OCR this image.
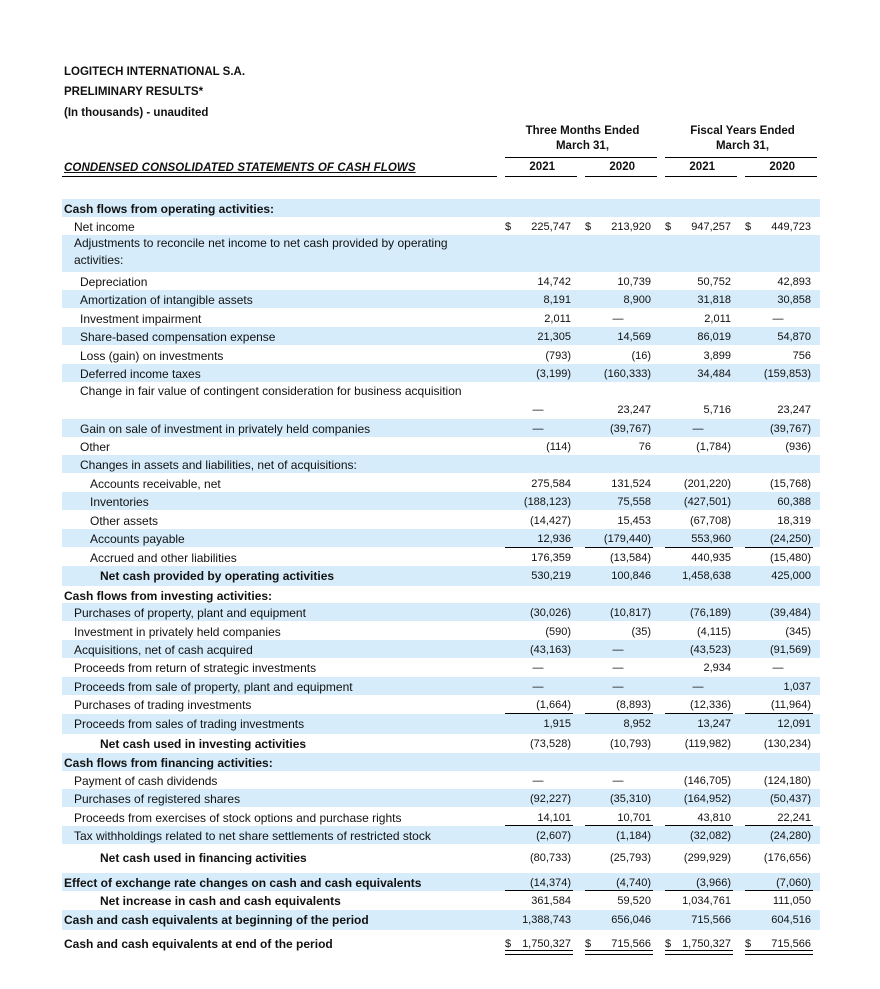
LOGITECH INTERNATIONAL S.A.
PRELIMINARY RESULTS*
(In thousands) - unaudited
Three Months Ended
March 31,
Fiscal Years Ended
March 31,
CONDENSED CONSOLIDATED STATEMENTS OF CASH FLOWS	2021	2020	2021	2020
Cash flows from operating activities:
Net income	$ 225,747 $ 213,920 $ 947,257 $ 449,723
Adjustments to reconcile net income to net cash provided by operating activities:
Depreciation	14,742	10,739	50,752	42,893
Amortization of intangible assets	8,191	8,900	31,818	30,858
Investment impairment	2,011	—	2,011	—
Share-based compensation expense	21,305	14,569	86,019	54,870
Loss (gain) on investments	(793)	(16)	3,899	756
Deferred income taxes	(3,199)	(160,333)	34,484	(159,853)
Change in fair value of contingent consideration for business acquisition
—	23,247	5,716	23,247
Gain on sale of investment in privately held companies	—	(39,767)	—	(39,767)
Other	(114)	76	(1,784)	(936)
Changes in assets and liabilities, net of acquisitions:
Accounts receivable, net	275,584	131,524	(201,220)	(15,768)
Inventories	(188,123)	75,558	(427,501)	60,388
Other assets	(14,427)	15,453	(67,708)	18,319
Accounts payable	12,936	(179,440)	553,960	(24,250)
Accrued and other liabilities	176,359	(13,584)	440,935	(15,480)
Net cash provided by operating activities	530,219	100,846	1,458,638	425,000
Cash flows from investing activities:
Purchases of property, plant and equipment	(30,026)	(10,817)	(76,189)	(39,484)
Investment in privately held companies	(590)	(35)	(4,115)	(345)
Acquisitions, net of cash acquired	(43,163)	—	(43,523)	(91,569)
Proceeds from return of strategic investments	—	—	2,934	—
Proceeds from sale of property, plant and equipment	—	—	—	1,037
Purchases of trading investments	(1,664)	(8,893)	(12,336)	(11,964)
Proceeds from sales of trading investments	1,915	8,952	13,247	12,091
Net cash used in investing activities	(73,528)	(10,793)	(119,982)	(130,234)
Cash flows from financing activities:
Payment of cash dividends	—	—	(146,705)	(124,180)
Purchases of registered shares	(92,227)	(35,310)	(164,952)	(50,437)
Proceeds from exercises of stock options and purchase rights	14,101	10,701	43,810	22,241
Tax withholdings related to net share settlements of restricted stock	(2,607)	(1,184)	(32,082)	(24,280)
Net cash used in financing activities	(80,733)	(25,793)	(299,929)	(176,656)
Effect of exchange rate changes on cash and cash equivalents	(14,374)	(4,740)	(3,966)	(7,060)
Net increase in cash and cash equivalents	361,584	59,520	1,034,761	111,050
Cash and cash equivalents at beginning of the period	1,388,743	656,046	715,566	604,516
Cash and cash equivalents at end of the period	$ 1,750,327 $ 715,566 $ 1,750,327 $ 715,566
